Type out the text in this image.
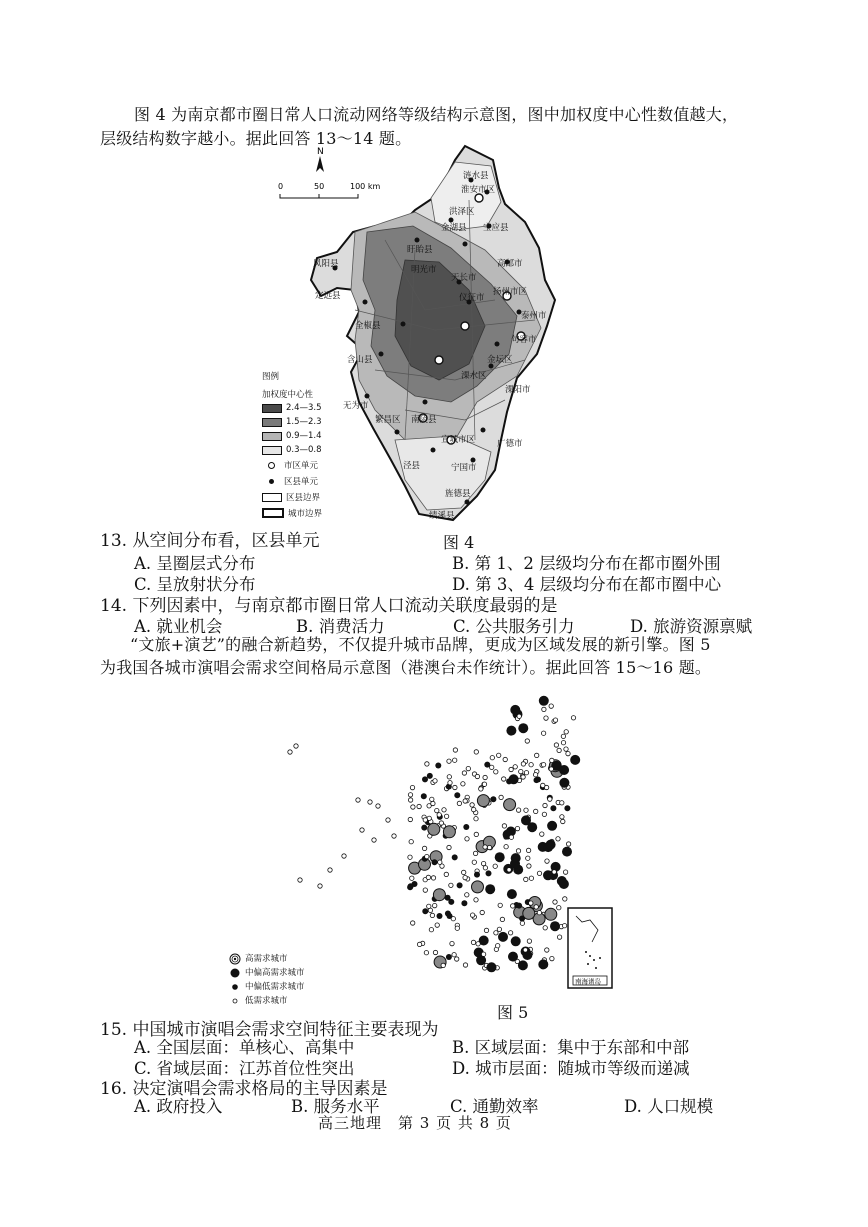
图 4 为南京都市圈日常人口流动网络等级结构示意图，图中加权度中心性数值越大，
层级结构数字越小。据此回答 13～14 题。
涟水县
淮安市区
洪泽区
金湖县 宝应县
盱眙县
凤阳县	高邮市
定远县
天长市
明光市
扬州市区
全椒县
仪征市
泰州市
含山县
句容市
无为市
溧水区
溧阳市
繁昌区 南陵县
广德市
泾县	宁国市
旌德县
绩溪县
宣城市区
金坛区
N
0	50	100 km
图例
加权度中心性
2.4—3.5
1.5—2.3
0.9—1.4
0.3—0.8
市区单元
区县单元
区县边界
城市边界
图 4
13. 从空间分布看，区县单元
A. 呈圈层式分布	B. 第 1、2 层级均分布在都市圈外围
C. 呈放射状分布	D. 第 3、4 层级均分布在都市圈中心
14. 下列因素中，与南京都市圈日常人口流动关联度最弱的是
A. 就业机会	B. 消费活力	C. 公共服务引力	D. 旅游资源禀赋
“文旅+演艺”的融合新趋势，不仅提升城市品牌，更成为区域发展的新引擎。图 5
为我国各城市演唱会需求空间格局示意图（港澳台未作统计）。据此回答 15～16 题。
南海诸岛
高需求城市
中偏高需求城市
中偏低需求城市
低需求城市
图 5
15. 中国城市演唱会需求空间特征主要表现为
A. 全国层面：单核心、高集中	B. 区域层面：集中于东部和中部
C. 省域层面：江苏首位性突出	D. 城市层面：随城市等级而递减
16. 决定演唱会需求格局的主导因素是
A. 政府投入	B. 服务水平	C. 通勤效率	D. 人口规模
高三地理　第 3 页 共 8 页
